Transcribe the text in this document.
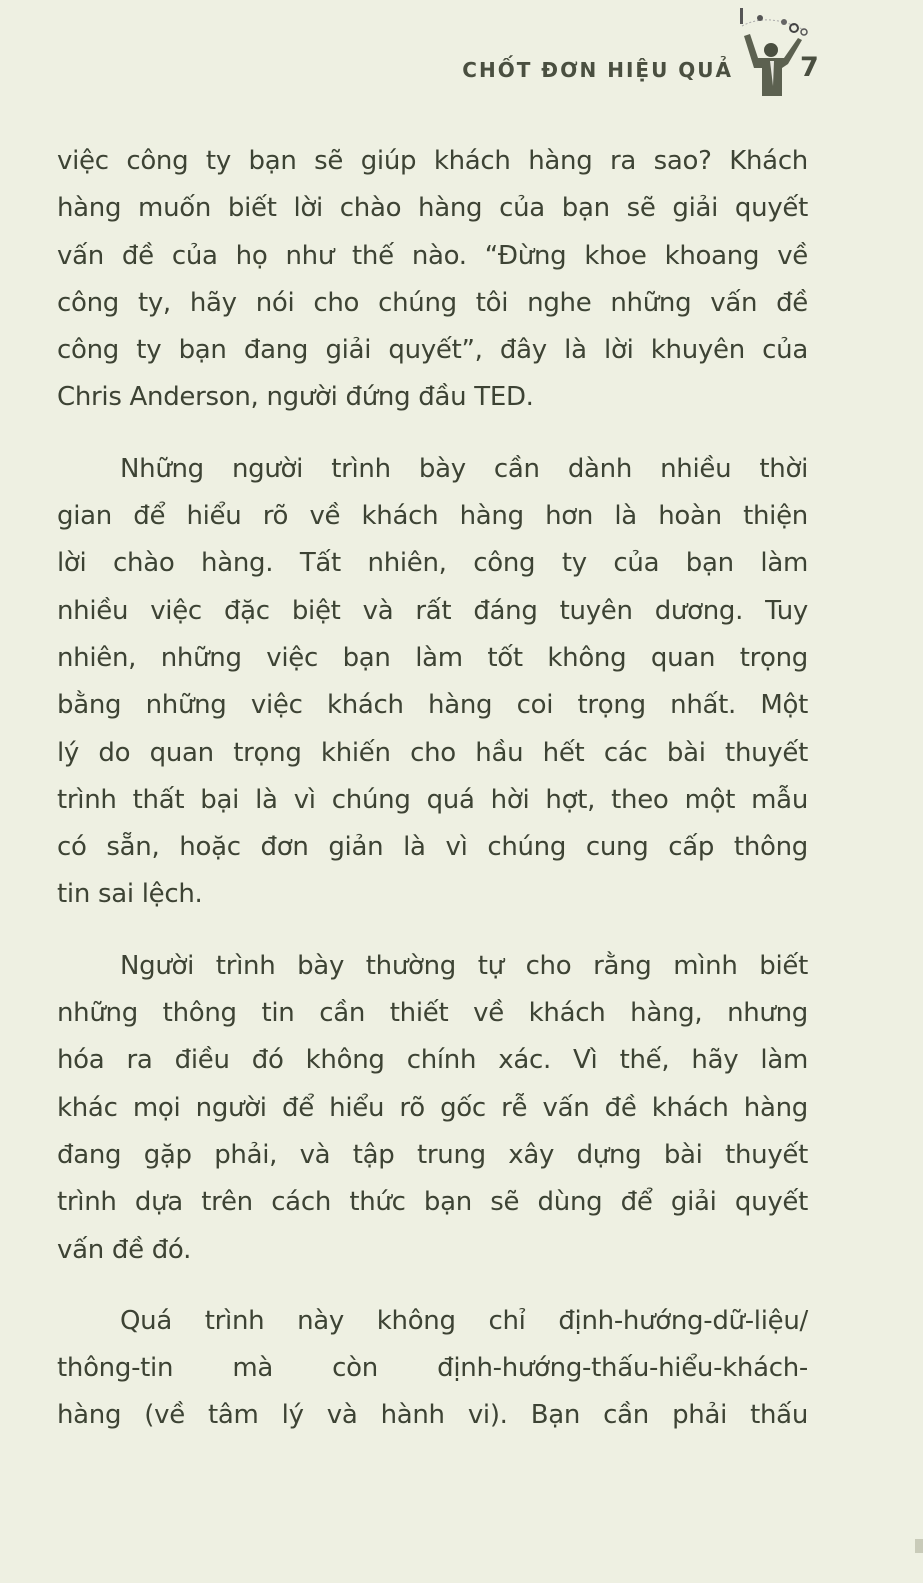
CHỐT ĐƠN HIỆU QUẢ 7
việc công ty bạn sẽ giúp khách hàng ra sao? Khách
hàng muốn biết lời chào hàng của bạn sẽ giải quyết
vấn đề của họ như thế nào. “Đừng khoe khoang về
công ty, hãy nói cho chúng tôi nghe những vấn đề
công ty bạn đang giải quyết”, đây là lời khuyên của
Chris Anderson, người đứng đầu TED.
Những người trình bày cần dành nhiều thời
gian để hiểu rõ về khách hàng hơn là hoàn thiện
lời chào hàng. Tất nhiên, công ty của bạn làm
nhiều việc đặc biệt và rất đáng tuyên dương. Tuy
nhiên, những việc bạn làm tốt không quan trọng
bằng những việc khách hàng coi trọng nhất. Một
lý do quan trọng khiến cho hầu hết các bài thuyết
trình thất bại là vì chúng quá hời hợt, theo một mẫu
có sẵn, hoặc đơn giản là vì chúng cung cấp thông
tin sai lệch.
Người trình bày thường tự cho rằng mình biết
những thông tin cần thiết về khách hàng, nhưng
hóa ra điều đó không chính xác. Vì thế, hãy làm
khác mọi người để hiểu rõ gốc rễ vấn đề khách hàng
đang gặp phải, và tập trung xây dựng bài thuyết
trình dựa trên cách thức bạn sẽ dùng để giải quyết
vấn đề đó.
Quá trình này không chỉ định-hướng-dữ-liệu/
thông-tin mà còn định-hướng-thấu-hiểu-khách-
hàng (về tâm lý và hành vi). Bạn cần phải thấu
